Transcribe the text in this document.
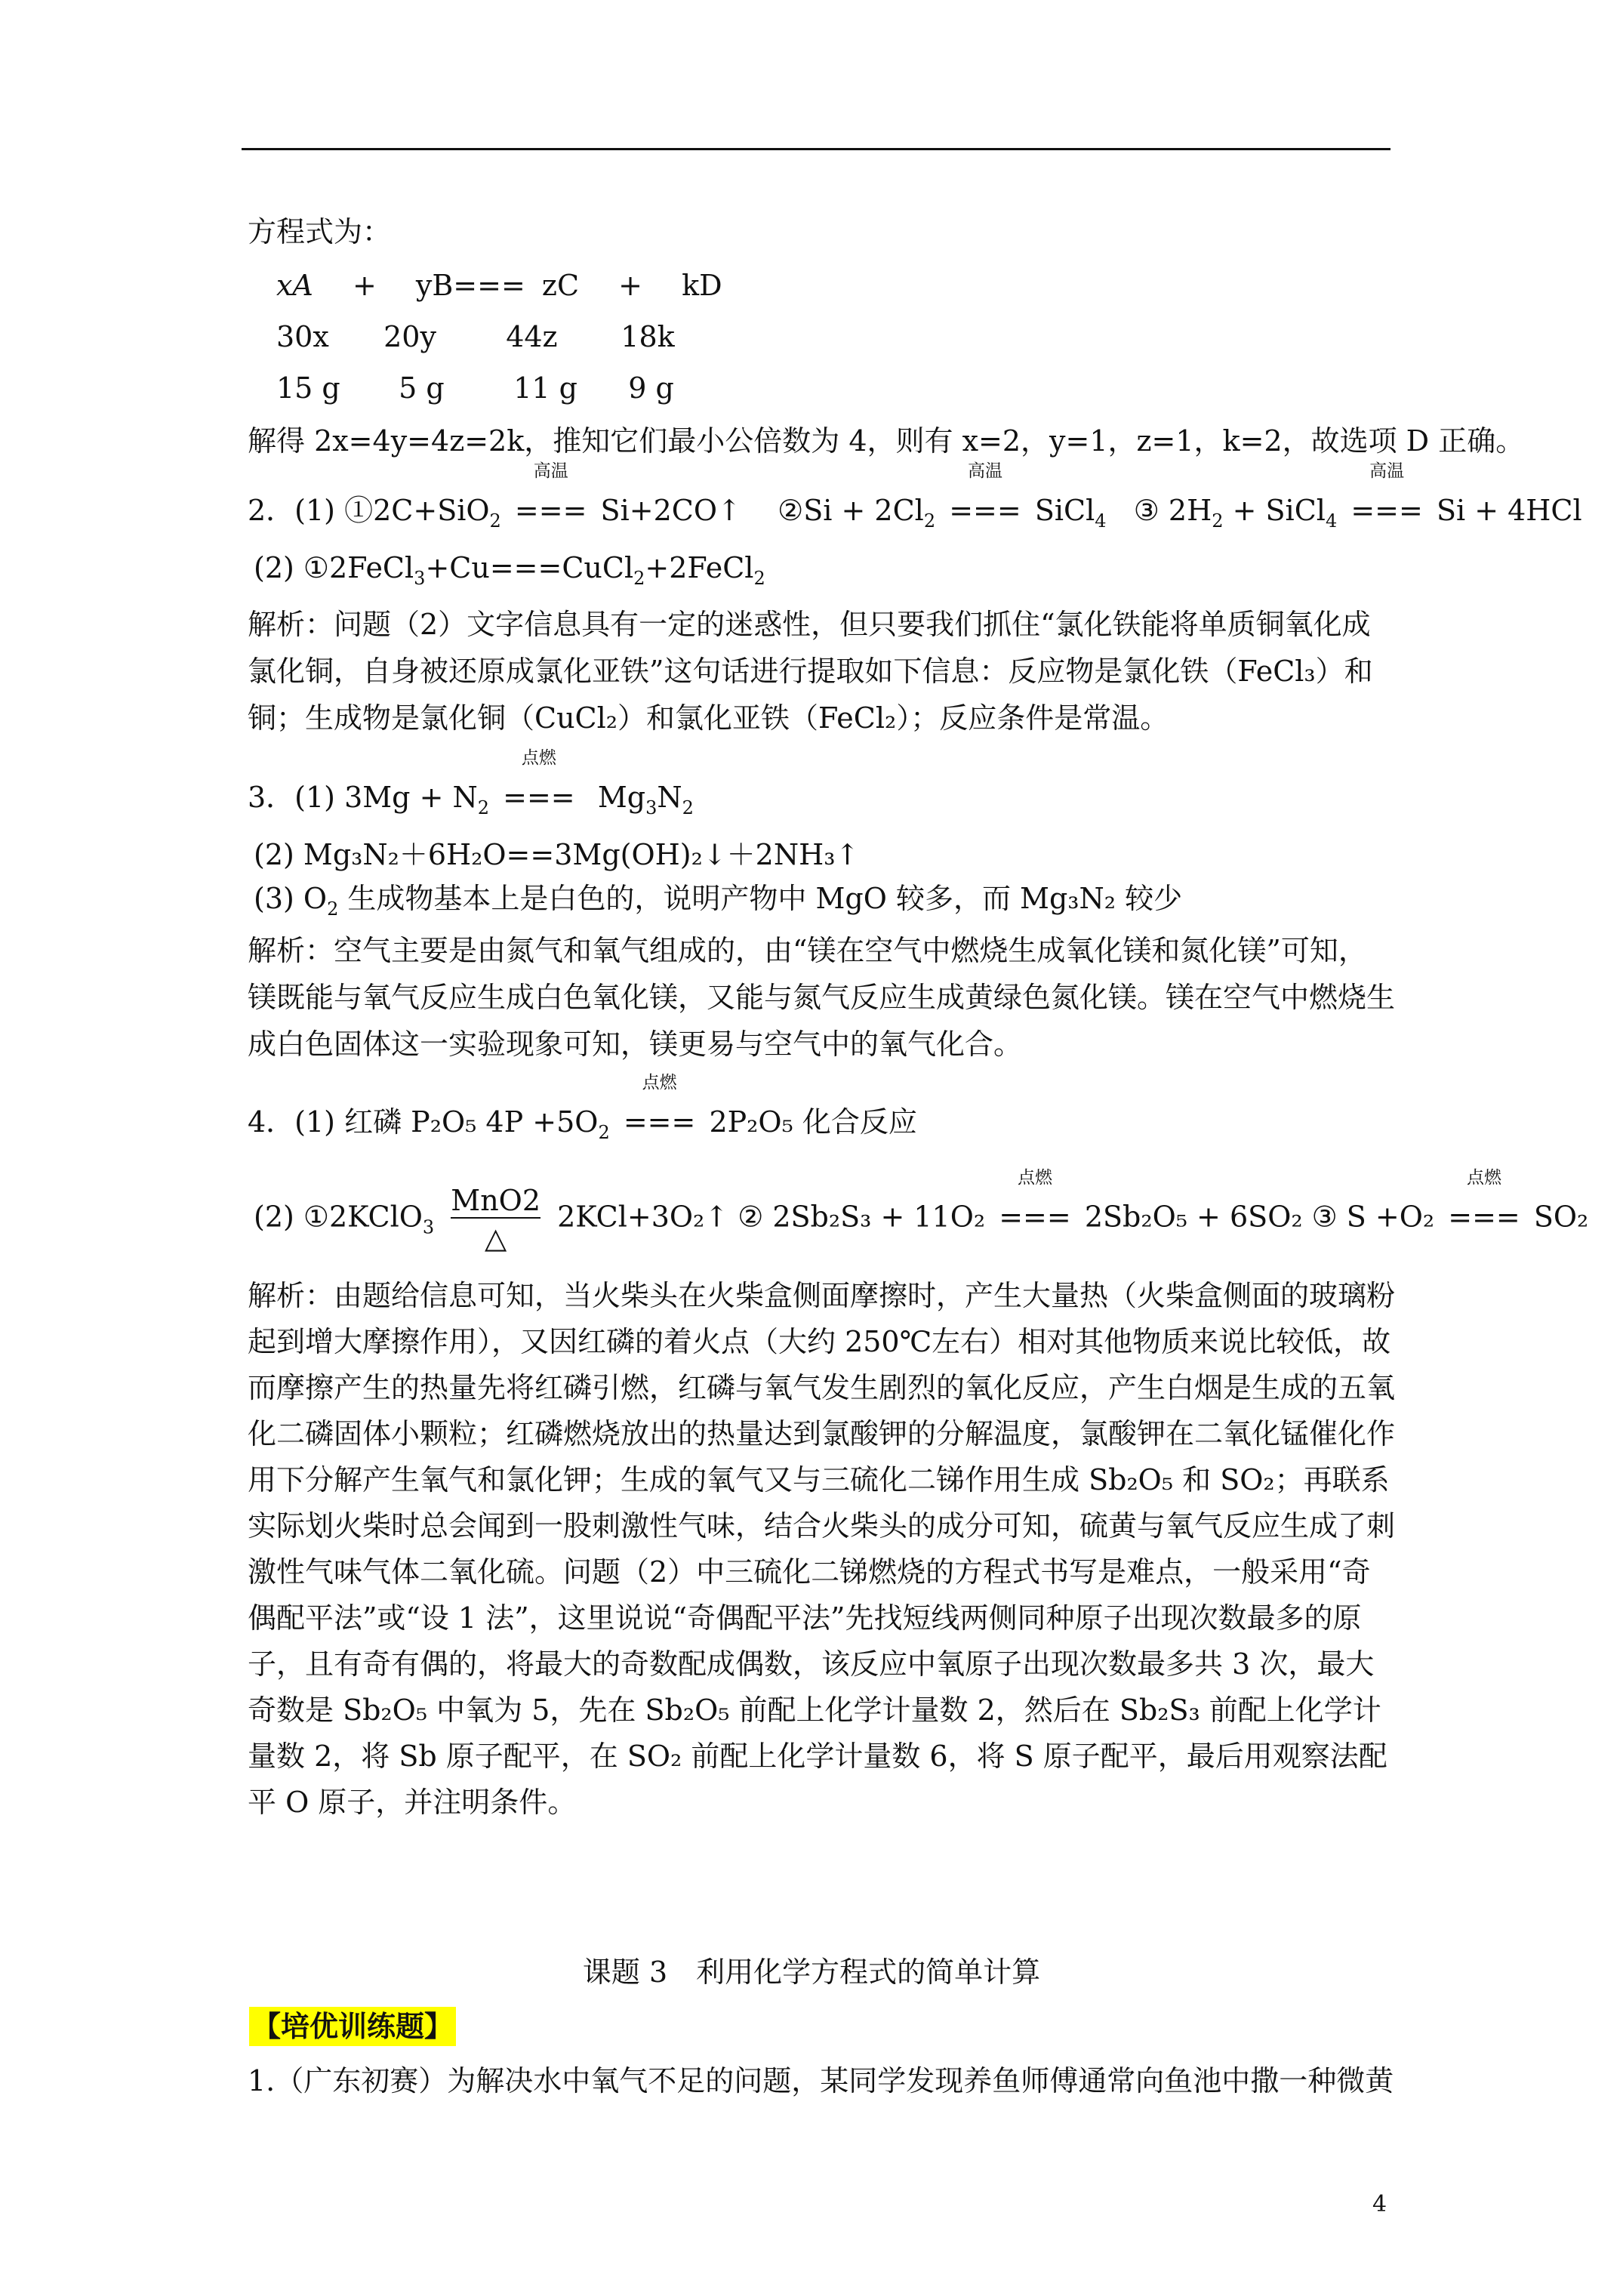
方程式为：
xA + yB=== zC + kD
30x 20y 44z 18k
15 g 5 g 11 g 9 g
解得 2x=4y=4z=2k，推知它们最小公倍数为 4，则有 x=2，y=1，z=1，k=2，故选项 D 正确。
2．(1) ①2C+SiO$_2$
高温
=== Si+2CO↑ ②Si + $2Cl_2$
高温
=== SiCl$_4$ ③ $2H_2$ + SiCl$_4$
高温
=== Si + 4HCl
(2) ①2FeCl$_3$+Cu===CuCl$_2$+2FeCl$_2$
解析：问题（2）文字信息具有一定的迷惑性，但只要我们抓住“氯化铁能将单质铜氧化成氯化铜，自身被还原成氯化亚铁”这句话进行提取如下信息：反应物是氯化铁（FeCl₃）和铜；生成物是氯化铜（CuCl₂）和氯化亚铁（FeCl₂）；反应条件是常温。
3．(1) $3Mg + N_2$
点燃
=== $Mg_3N_2$
(2) Mg₃N₂＋6H₂O==3Mg(OH)₂↓＋2NH₃↑
(3) $O_2$ 生成物基本上是白色的，说明产物中 MgO 较多，而 Mg₃N₂ 较少
解析：空气主要是由氮气和氧气组成的，由“镁在空气中燃烧生成氧化镁和氮化镁”可知，镁既能与氧气反应生成白色氧化镁，又能与氮气反应生成黄绿色氮化镁。镁在空气中燃烧生成白色固体这一实验现象可知，镁更易与空气中的氧气化合。
4．(1) 红磷 P₂O₅ $4P +5O_2$
点燃
=== 2P₂O₅ 化合反应
(2) ①2KClO$_3$ $\frac{\text{MnO2}}{\triangle}$ 2KCl+3O₂↑ ② 2Sb₂S₃ + 11O₂
点燃
=== 2Sb₂O₅ + 6SO₂ ③ S +O₂
点燃
=== SO₂
解析：由题给信息可知，当火柴头在火柴盒侧面摩擦时，产生大量热（火柴盒侧面的玻璃粉起到增大摩擦作用），又因红磷的着火点（大约 250℃左右）相对其他物质来说比较低，故而摩擦产生的热量先将红磷引燃，红磷与氧气发生剧烈的氧化反应，产生白烟是生成的五氧化二磷固体小颗粒；红磷燃烧放出的热量达到氯酸钾的分解温度，氯酸钾在二氧化锰催化作用下分解产生氧气和氯化钾；生成的氧气又与三硫化二锑作用生成 Sb₂O₅ 和 SO₂；再联系实际划火柴时总会闻到一股刺激性气味，结合火柴头的成分可知，硫黄与氧气反应生成了刺激性气味气体二氧化硫。问题（2）中三硫化二锑燃烧的方程式书写是难点，一般采用“奇偶配平法”或“设 1 法”，这里说说“奇偶配平法”先找短线两侧同种原子出现次数最多的原子，且有奇有偶的，将最大的奇数配成偶数，该反应中氧原子出现次数最多共 3 次，最大奇数是 Sb₂O₅ 中氧为 5，先在 Sb₂O₅ 前配上化学计量数 2，然后在 Sb₂S₃ 前配上化学计量数 2，将 Sb 原子配平，在 SO₂ 前配上化学计量数 6，将 S 原子配平，最后用观察法配平 O 原子，并注明条件。
课题 3　利用化学方程式的简单计算
【培优训练题】
1.（广东初赛）为解决水中氧气不足的问题，某同学发现养鱼师傅通常向鱼池中撒一种微黄
4
